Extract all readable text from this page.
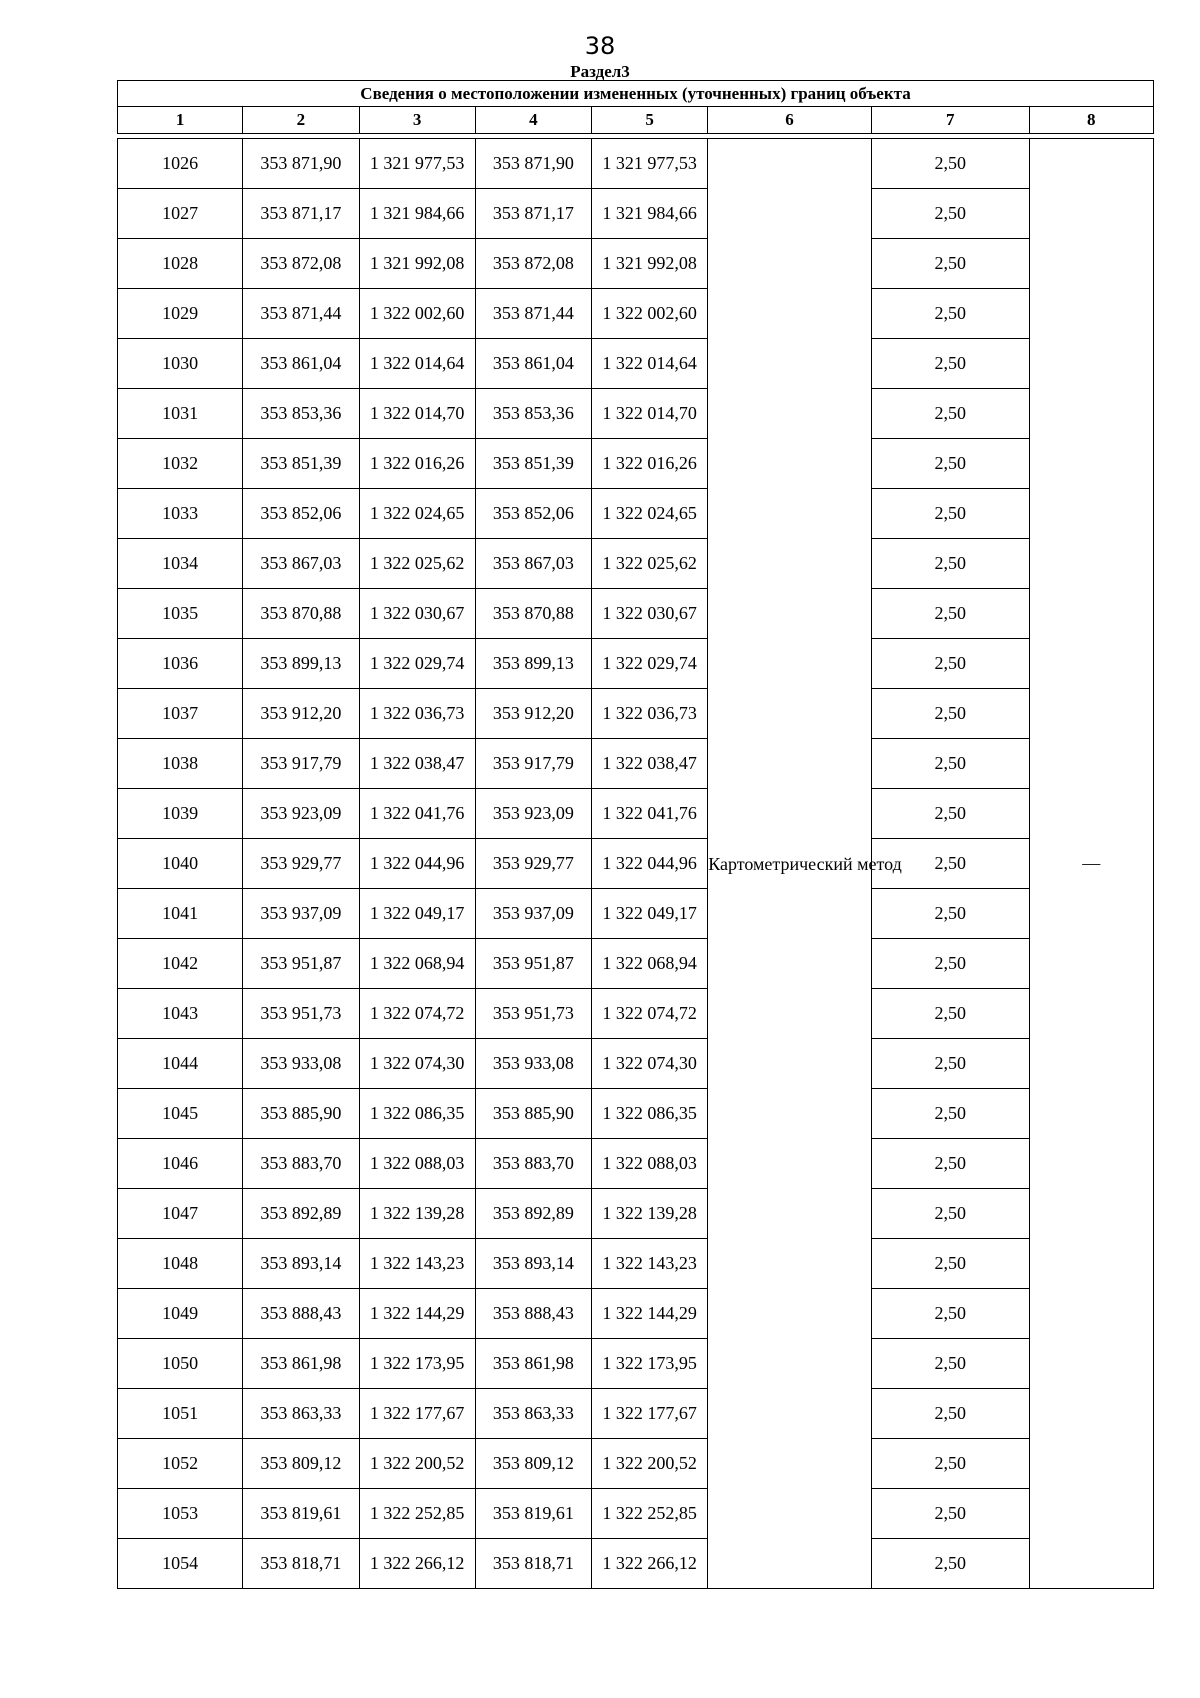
38
Раздел3
Сведения о местоположении измененных (уточненных) границ объекта							
1	2	3	4	5	6	7	8

1026	353 871,90	1 321 977,53	353 871,90	1 321 977,53	Картометрический метод	2,50	—
1027	353 871,17	1 321 984,66	353 871,17	1 321 984,66		2,50	
1028	353 872,08	1 321 992,08	353 872,08	1 321 992,08		2,50	
1029	353 871,44	1 322 002,60	353 871,44	1 322 002,60		2,50	
1030	353 861,04	1 322 014,64	353 861,04	1 322 014,64		2,50	
1031	353 853,36	1 322 014,70	353 853,36	1 322 014,70		2,50	
1032	353 851,39	1 322 016,26	353 851,39	1 322 016,26		2,50	
1033	353 852,06	1 322 024,65	353 852,06	1 322 024,65		2,50	
1034	353 867,03	1 322 025,62	353 867,03	1 322 025,62		2,50	
1035	353 870,88	1 322 030,67	353 870,88	1 322 030,67		2,50	
1036	353 899,13	1 322 029,74	353 899,13	1 322 029,74		2,50	
1037	353 912,20	1 322 036,73	353 912,20	1 322 036,73		2,50	
1038	353 917,79	1 322 038,47	353 917,79	1 322 038,47		2,50	
1039	353 923,09	1 322 041,76	353 923,09	1 322 041,76		2,50	
1040	353 929,77	1 322 044,96	353 929,77	1 322 044,96		2,50	
1041	353 937,09	1 322 049,17	353 937,09	1 322 049,17		2,50	
1042	353 951,87	1 322 068,94	353 951,87	1 322 068,94		2,50	
1043	353 951,73	1 322 074,72	353 951,73	1 322 074,72		2,50	
1044	353 933,08	1 322 074,30	353 933,08	1 322 074,30		2,50	
1045	353 885,90	1 322 086,35	353 885,90	1 322 086,35		2,50	
1046	353 883,70	1 322 088,03	353 883,70	1 322 088,03		2,50	
1047	353 892,89	1 322 139,28	353 892,89	1 322 139,28		2,50	
1048	353 893,14	1 322 143,23	353 893,14	1 322 143,23		2,50	
1049	353 888,43	1 322 144,29	353 888,43	1 322 144,29		2,50	
1050	353 861,98	1 322 173,95	353 861,98	1 322 173,95		2,50	
1051	353 863,33	1 322 177,67	353 863,33	1 322 177,67		2,50	
1052	353 809,12	1 322 200,52	353 809,12	1 322 200,52		2,50	
1053	353 819,61	1 322 252,85	353 819,61	1 322 252,85		2,50	
1054	353 818,71	1 322 266,12	353 818,71	1 322 266,12		2,50	
